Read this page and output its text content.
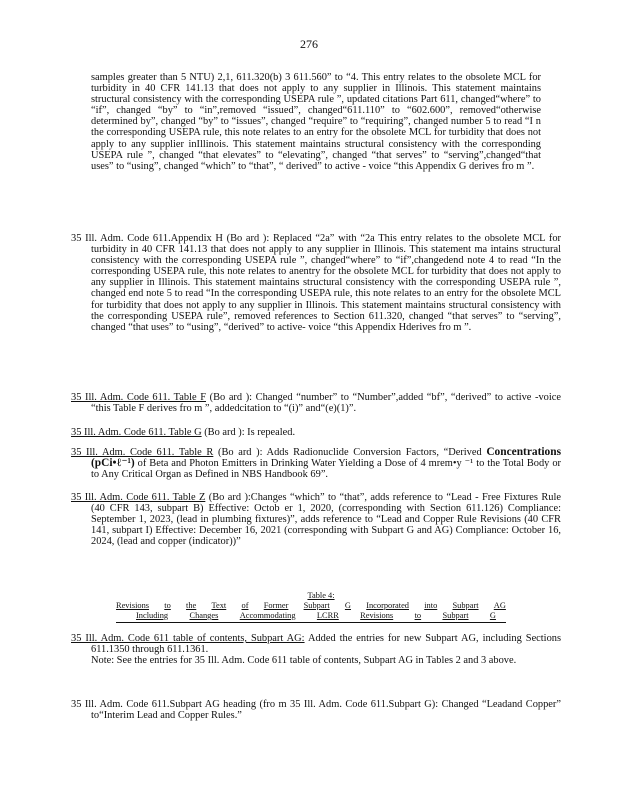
276
samples greater than 5 NTU) 2,1, 611.320(b) 3 611.560” to “4. This entry relates to the obsolete MCL for turbidity in 40 CFR 141.13 that does not apply to any supplier in Illinois. This statement maintains structural consistency with the corresponding USEPA rule ”, updated citations Part 611, changed“where” to “if”, changed “by” to “in”,removed “issued”, changed“611.110” to “602.600”, removed“otherwise determined by”, changed “by” to “issues”, changed “require” to “requiring”, changed number 5 to read “I n the corresponding USEPA rule, this note relates to an entry for the obsolete MCL for turbidity that does not apply to any supplier inIllinois. This statement maintains structural consistency with the corresponding USEPA rule ”, changed “that elevates” to “elevating”, changed “that serves” to “serving”,changed“that uses” to “using”, changed “which” to “that”, “ derived” to active - voice “this Appendix G derives fro m ”.
35 Ill. Adm. Code 611.Appendix H (Bo ard ): Replaced “2a” with “2a This entry relates to the obsolete MCL for turbidity in 40 CFR 141.13 that does not apply to any supplier in Illinois. This statement ma intains structural consistency with the corresponding USEPA rule ”, changed“where” to “if”,changedend note 4 to read “In the corresponding USEPA rule, this note relates to anentry for the obsolete MCL for turbidity that does not apply to any supplier in Illinois. This statement maintains structural consistency with the corresponding USEPA rule ”, changed end note 5 to read “In the corresponding USEPA rule, this note relates to an entry for the obsolete MCL for turbidity that does not apply to any supplier in Illinois. This statement maintains structural consistency with the corresponding USEPA rule”, removed references to Section 611.320, changed “that serves” to “serving”, changed “that uses” to “using”, “derived” to active- voice “this Appendix Hderives fro m ”.
35 Ill. Adm. Code 611. Table F (Bo ard ): Changed “number” to “Number”,added “bf”, “derived” to active -voice “this Table F derives fro m ”, addedcitation to “(i)” and“(e)(1)”.
35 Ill. Adm. Code 611. Table G (Bo ard ): Is repealed.
35 Ill. Adm. Code 611. Table R (Bo ard ): Adds Radionuclide Conversion Factors, “Derived Concentrations (pCi•ℓ⁻¹) of Beta and Photon Emitters in Drinking Water Yielding a Dose of 4 mrem•y ⁻¹ to the Total Body or to Any Critical Organ as Defined in NBS Handbook 69”.
35 Ill. Adm. Code 611. Table Z (Bo ard ):Changes “which” to “that”, adds reference to “Lead - Free Fixtures Rule (40 CFR 143, subpart B) Effective: Octob er 1, 2020, (corresponding with Section 611.126) Compliance: September 1, 2023, (lead in plumbing fixtures)”, adds reference to “Lead and Copper Rule Revisions (40 CFR 141, subpart I) Effective: December 16, 2021 (corresponding with Subpart G and AG) Compliance: October 16, 2024, (lead and copper (indicator))”
Table 4:
Revisions to the Text of Former Subpart G Incorporated into Subpart AG
Including	Changes	Accommodating	LCRR	Revisions	to	Subpart	G

35 Ill. Adm. Code 611 table of contents, Subpart AG: Added the entries for new Subpart AG, including Sections 611.1350 through 611.1361.

Note: See the entries for 35 Ill. Adm. Code 611 table of contents, Subpart AG in Tables 2 and 3 above.

35 Ill. Adm. Code 611.Subpart AG heading (fro m 35 Ill. Adm. Code 611.Subpart G): Changed “Leadand Copper” to“Interim Lead and Copper Rules.”
